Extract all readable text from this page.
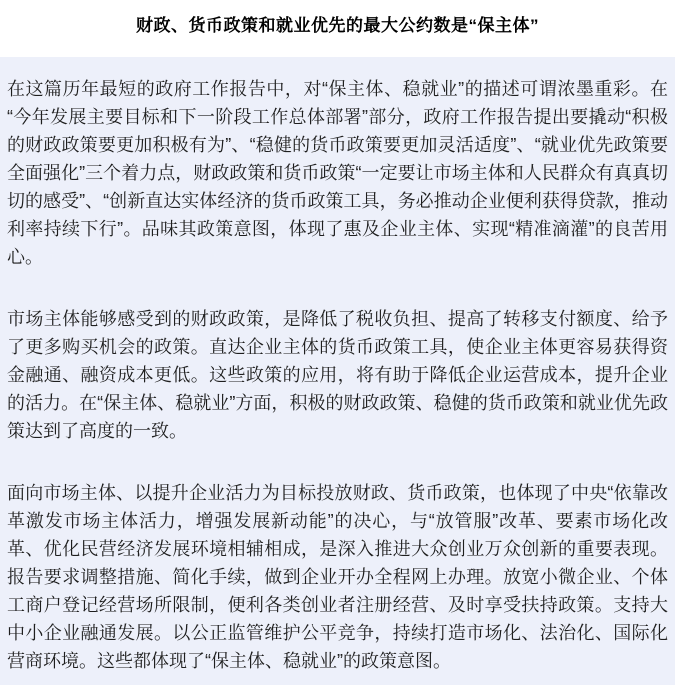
财政、货币政策和就业优先的最大公约数是“保主体”

在这篇历年最短的政府工作报告中，对“保主体、稳就业”的描述可谓浓墨重彩。在“今年发展主要目标和下一阶段工作总体部署”部分，政府工作报告提出要撬动“积极的财政政策要更加积极有为”、“稳健的货币政策要更加灵活适度”、“就业优先政策要全面强化”三个着力点，财政政策和货币政策“一定要让市场主体和人民群众有真真切切的感受”、“创新直达实体经济的货币政策工具，务必推动企业便利获得贷款，推动利率持续下行”。品味其政策意图，体现了惠及企业主体、实现“精准滴灌”的良苦用心。

市场主体能够感受到的财政政策，是降低了税收负担、提高了转移支付额度、给予了更多购买机会的政策。直达企业主体的货币政策工具，使企业主体更容易获得资金融通、融资成本更低。这些政策的应用，将有助于降低企业运营成本，提升企业的活力。在“保主体、稳就业”方面，积极的财政政策、稳健的货币政策和就业优先政策达到了高度的一致。

面向市场主体、以提升企业活力为目标投放财政、货币政策，也体现了中央“依靠改革激发市场主体活力，增强发展新动能”的决心，与“放管服”改革、要素市场化改革、优化民营经济发展环境相辅相成，是深入推进大众创业万众创新的重要表现。报告要求调整措施、简化手续，做到企业开办全程网上办理。放宽小微企业、个体工商户登记经营场所限制，便利各类创业者注册经营、及时享受扶持政策。支持大中小企业融通发展。以公正监管维护公平竞争，持续打造市场化、法治化、国际化营商环境。这些都体现了“保主体、稳就业”的政策意图。
